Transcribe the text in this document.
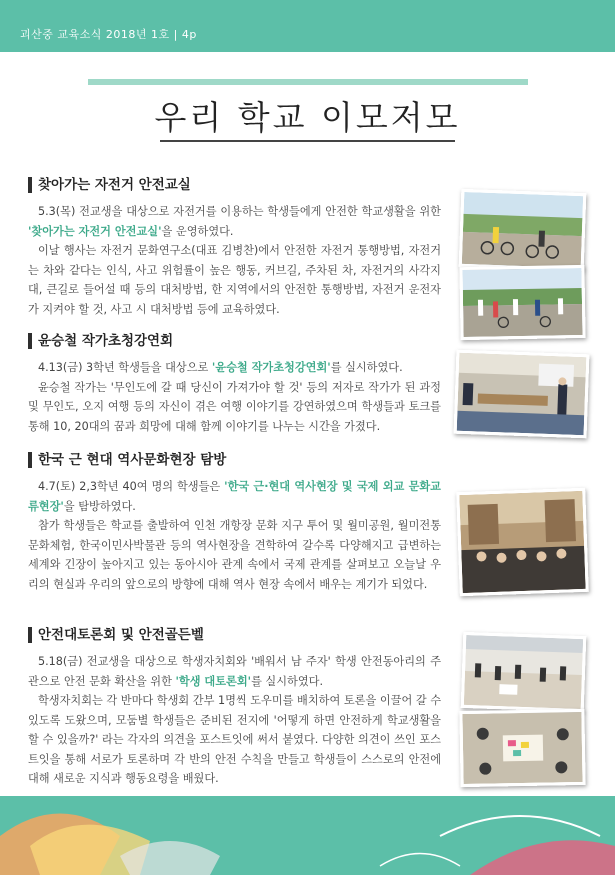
괴산중 교육소식 2018년 1호 | 4p
우리 학교 이모저모
찾아가는 자전거 안전교실

5.3(목) 전교생을 대상으로 자전거를 이용하는 학생들에게 안전한 학교생활을 위한 '찾아가는 자전거 안전교실'을 운영하였다.

이날 행사는 자전거 문화연구소(대표 김병찬)에서 안전한 자전거 통행방법, 자전거는 차와 같다는 인식, 사고 위험률이 높은 행동, 커브길, 주차된 차, 자전거의 사각지대, 큰길로 들어설 때 등의 대처방법, 한 지역에서의 안전한 통행방법, 자전거 운전자가 지켜야 할 것, 사고 시 대처방법 등에 교육하였다.

윤승철 작가초청강연회

4.13(금) 3학년 학생들을 대상으로 '윤승철 작가초청강연회'를 실시하였다.

윤승철 작가는 '무인도에 갈 때 당신이 가져가야 할 것' 등의 저자로 작가가 된 과정 및 무인도, 오지 여행 등의 자신이 겪은 여행 이야기를 강연하였으며 학생들과 토크를 통해 10, 20대의 꿈과 희망에 대해 함께 이야기를 나누는 시간을 가졌다.

한국 근 현대 역사문화현장 탐방

4.7(토) 2,3학년 40여 명의 학생들은 '한국 근·현대 역사현장 및 국제 외교 문화교류현장'을 탐방하였다.

참가 학생들은 학교를 출발하여 인천 개항장 문화 지구 투어 및 월미공원, 월미전통문화체험, 한국이민사박물관 등의 역사현장을 견학하여 갈수록 다양해지고 급변하는 세계와 긴장이 높아지고 있는 동아시아 관계 속에서 국제 관계를 살펴보고 오늘날 우리의 현실과 우리의 앞으로의 방향에 대해 역사 현장 속에서 배우는 계기가 되었다.

안전대토론회 및 안전골든벨

5.18(금) 전교생을 대상으로 학생자치회와 '배워서 남 주자' 학생 안전동아리의 주관으로 안전 문화 확산을 위한 '학생 대토론회'를 실시하였다.

학생자치회는 각 반마다 학생회 간부 1명씩 도우미를 배치하여 토론을 이끌어 갈 수 있도록 도왔으며, 모둠별 학생들은 준비된 전지에 '어떻게 하면 안전하게 학교생활을 할 수 있을까?' 라는 각자의 의견을 포스트잇에 써서 붙였다. 다양한 의견이 쓰인 포스트잇을 통해 서로가 토론하며 각 반의 안전 수칙을 만들고 학생들이 스스로의 안전에 대해 새로운 지식과 행동요령을 배웠다.
